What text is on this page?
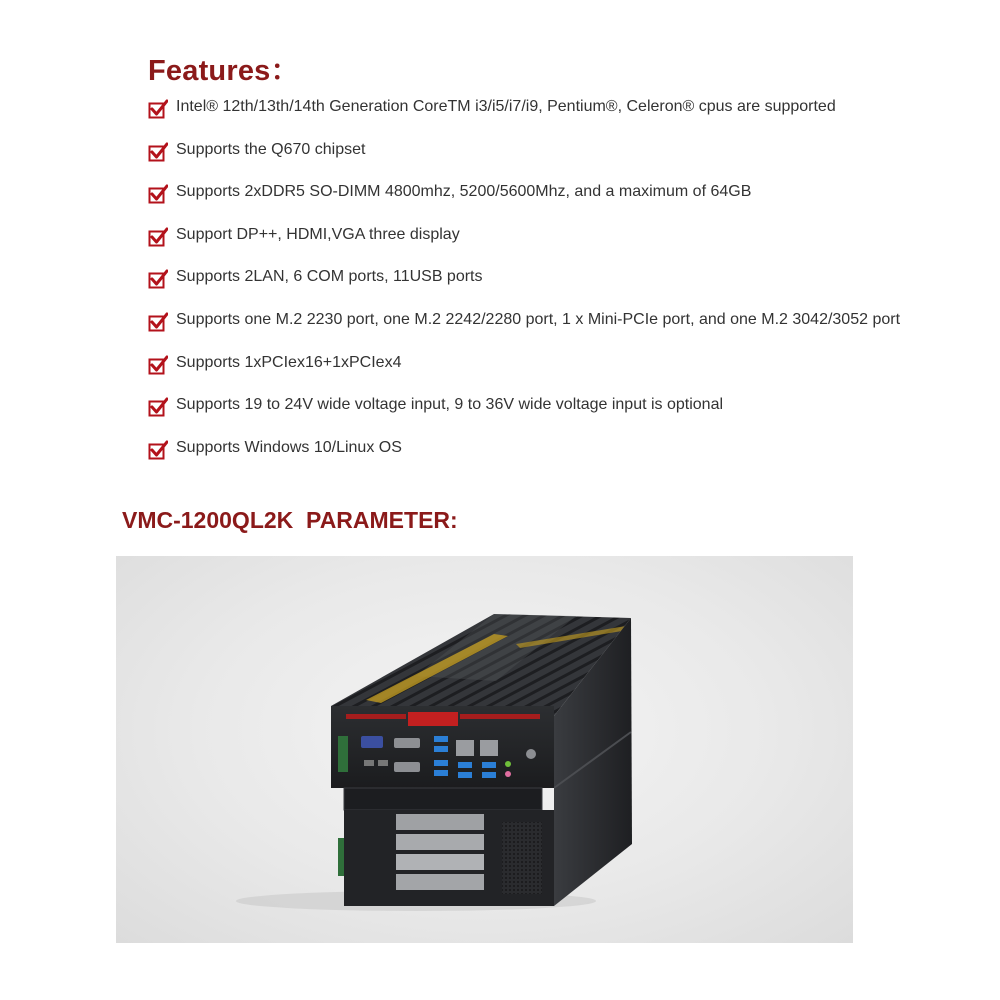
Features：
Intel® 12th/13th/14th Generation CoreTM i3/i5/i7/i9, Pentium®, Celeron® cpus are supported
Supports the Q670 chipset
Supports 2xDDR5 SO-DIMM 4800mhz, 5200/5600Mhz, and a maximum of 64GB
Support DP++, HDMI,VGA three display
Supports 2LAN, 6 COM ports, 11USB ports
Supports one M.2 2230 port, one M.2 2242/2280 port, 1 x Mini-PCIe port, and one M.2 3042/3052 port
Supports 1xPCIex16+1xPCIex4
Supports 19 to 24V wide voltage input, 9 to 36V wide voltage input is optional
Supports Windows 10/Linux OS
VMC-1200QL2K  PARAMETER:
